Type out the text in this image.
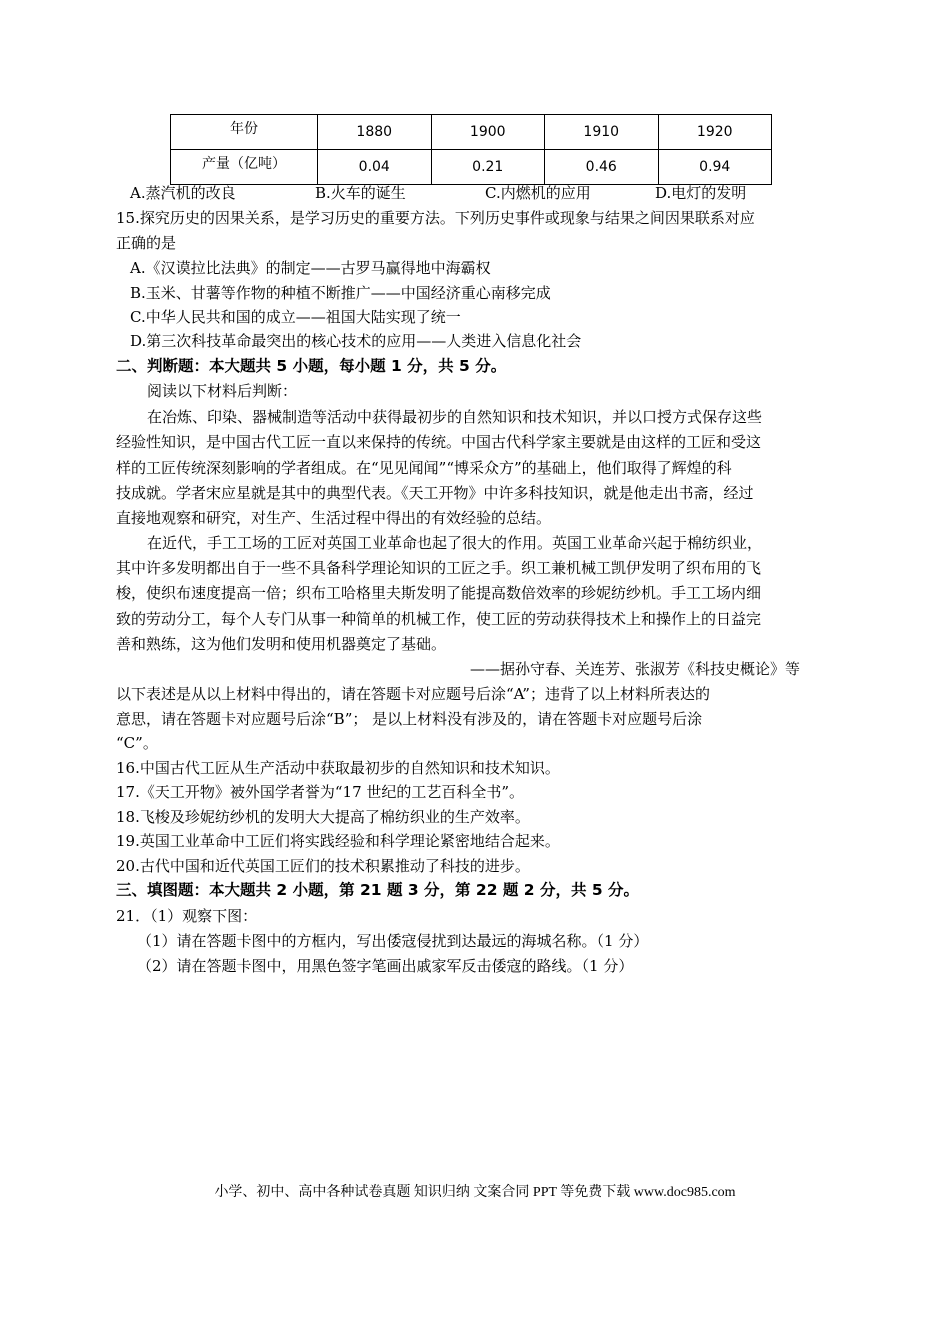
年份	1880	1900	1910	1920
产量（亿吨）	0.04	0.21	0.46	0.94
A.蒸汽机的改良	B.火车的诞生	C.内燃机的应用	D.电灯的发明
15.探究历史的因果关系，是学习历史的重要方法。下列历史事件或现象与结果之间因果联系对应
正确的是
A.《汉谟拉比法典》的制定——古罗马赢得地中海霸权
B.玉米、甘薯等作物的种植不断推广——中国经济重心南移完成
C.中华人民共和国的成立——祖国大陆实现了统一
D.第三次科技革命最突出的核心技术的应用——人类进入信息化社会
二、判断题：本大题共 5 小题，每小题 1 分，共 5 分。
阅读以下材料后判断：
在冶炼、印染、器械制造等活动中获得最初步的自然知识和技术知识，并以口授方式保存这些
经验性知识，是中国古代工匠一直以来保持的传统。中国古代科学家主要就是由这样的工匠和受这
样的工匠传统深刻影响的学者组成。在“见见闻闻”“博采众方”的基础上，他们取得了辉煌的科
技成就。学者宋应星就是其中的典型代表。《天工开物》中许多科技知识，就是他走出书斋，经过
直接地观察和研究，对生产、生活过程中得出的有效经验的总结。
在近代，手工工场的工匠对英国工业革命也起了很大的作用。英国工业革命兴起于棉纺织业，
其中许多发明都出自于一些不具备科学理论知识的工匠之手。织工兼机械工凯伊发明了织布用的飞
梭，使织布速度提高一倍；织布工哈格里夫斯发明了能提高数倍效率的珍妮纺纱机。手工工场内细
致的劳动分工，每个人专门从事一种简单的机械工作，使工匠的劳动获得技术上和操作上的日益完
善和熟练，这为他们发明和使用机器奠定了基础。
——据孙守春、关连芳、张淑芳《科技史概论》等
以下表述是从以上材料中得出的，请在答题卡对应题号后涂“A”；违背了以上材料所表达的
意思，请在答题卡对应题号后涂“B”； 是以上材料没有涉及的，请在答题卡对应题号后涂
“C”。
16.中国古代工匠从生产活动中获取最初步的自然知识和技术知识。
17.《天工开物》被外国学者誉为“17 世纪的工艺百科全书”。
18.飞梭及珍妮纺纱机的发明大大提高了棉纺织业的生产效率。
19.英国工业革命中工匠们将实践经验和科学理论紧密地结合起来。
20.古代中国和近代英国工匠们的技术积累推动了科技的进步。
三、填图题：本大题共 2 小题，第 21 题 3 分，第 22 题 2 分，共 5 分。
21．（1）观察下图：
（1）请在答题卡图中的方框内，写出倭寇侵扰到达最远的海城名称。（1 分）
（2）请在答题卡图中，用黑色签字笔画出戚家军反击倭寇的路线。（1 分）
小学、初中、高中各种试卷真题 知识归纳 文案合同 PPT 等免费下载 www.doc985.com
